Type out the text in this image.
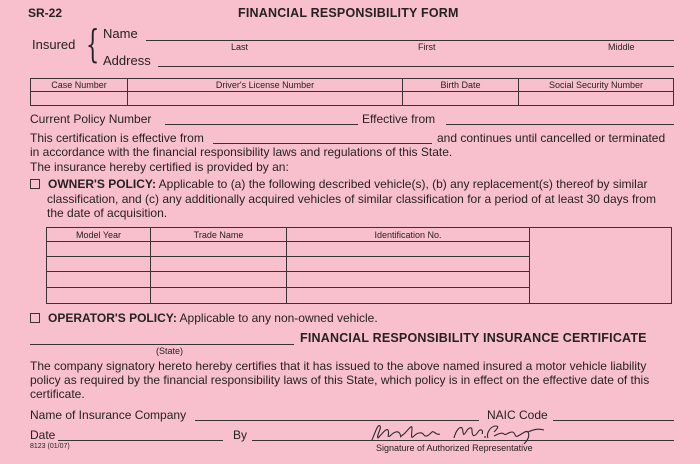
SR-22	FINANCIAL RESPONSIBILITY FORM
Insured { Name
Last	First	Middle
Address
Case Number	Driver's License Number	Birth Date	Social Security Number

Current Policy Number	Effective from
This certification is effective from	and continues until cancelled or terminated
in accordance with the financial responsibility laws and regulations of this State.
The insurance hereby certified is provided by an:
OWNER'S POLICY: Applicable to (a) the following described vehicle(s), (b) any replacement(s) thereof by similar
classification, and (c) any additionally acquired vehicles of similar classification for a period of at least 30 days from
the date of acquisition.
Model Year	Trade Name	Identification No.	

OPERATOR'S POLICY: Applicable to any non-owned vehicle.
(State)
FINANCIAL RESPONSIBILITY INSURANCE CERTIFICATE
The company signatory hereto hereby certifies that it has issued to the above named insured a motor vehicle liability
policy as required by the financial responsibility laws of this State, which policy is in effect on the effective date of this
certificate.
Name of Insurance Company	NAIC Code
Date	By
8123 (01/07)	Signature of Authorized Representative
